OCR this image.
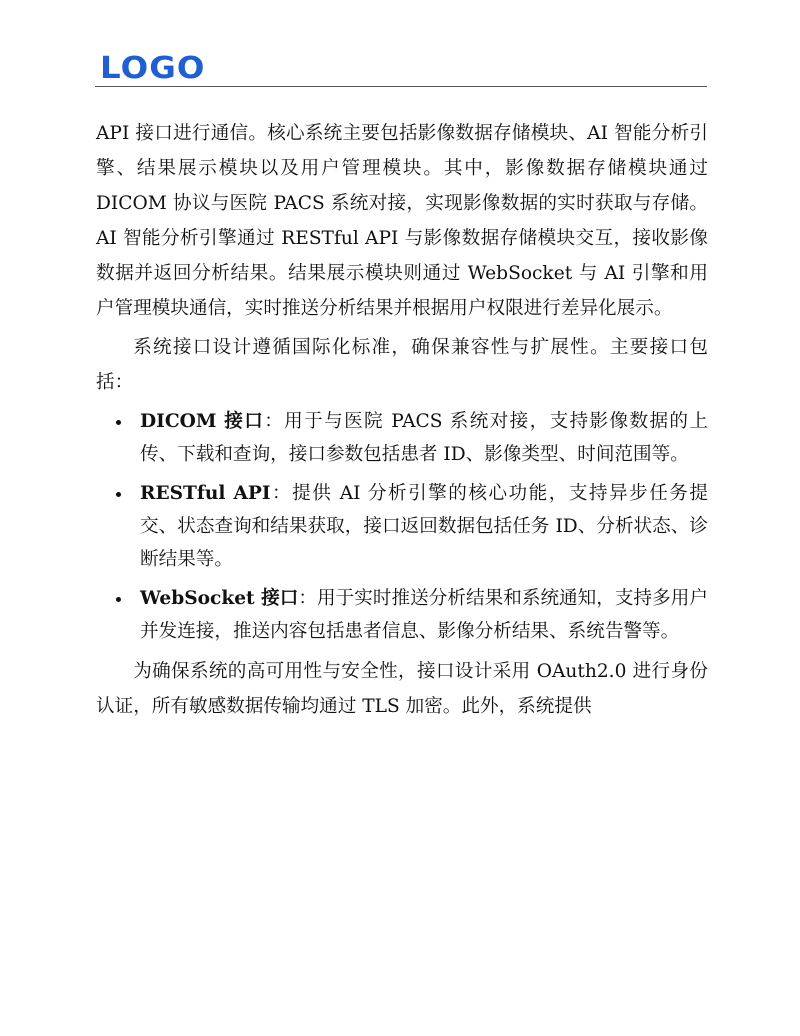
LOGO

API 接口进行通信。核心系统主要包括影像数据存储模块、AI 智能分析引擎、结果展示模块以及用户管理模块。其中，影像数据存储模块通过 DICOM 协议与医院 PACS 系统对接，实现影像数据的实时获取与存储。AI 智能分析引擎通过 RESTful API 与影像数据存储模块交互，接收影像数据并返回分析结果。结果展示模块则通过 WebSocket 与 AI 引擎和用户管理模块通信，实时推送分析结果并根据用户权限进行差异化展示。

系统接口设计遵循国际化标准，确保兼容性与扩展性。主要接口包括：

DICOM 接口：用于与医院 PACS 系统对接，支持影像数据的上传、下载和查询，接口参数包括患者 ID、影像类型、时间范围等。
RESTful API：提供 AI 分析引擎的核心功能，支持异步任务提交、状态查询和结果获取，接口返回数据包括任务 ID、分析状态、诊断结果等。
WebSocket 接口：用于实时推送分析结果和系统通知，支持多用户并发连接，推送内容包括患者信息、影像分析结果、系统告警等。

为确保系统的高可用性与安全性，接口设计采用 OAuth2.0 进行身份认证，所有敏感数据传输均通过 TLS 加密。此外，系统提供
